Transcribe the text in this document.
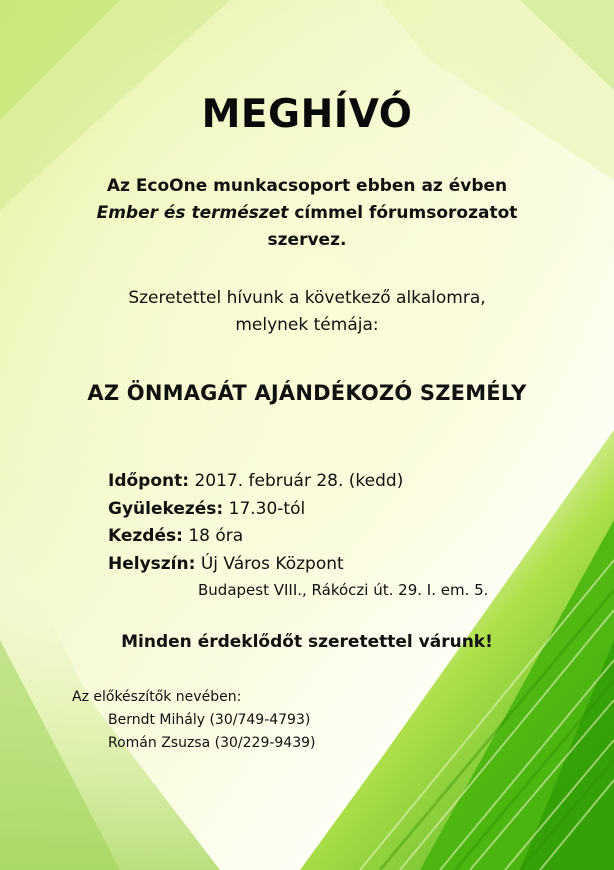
MEGHÍVÓ
Az EcoOne munkacsoport ebben az évben
Ember és természet címmel fórumsorozatot
szervez.
Szeretettel hívunk a következő alkalomra,
melynek témája:
AZ ÖNMAGÁT AJÁNDÉKOZÓ SZEMÉLY
Időpont: 2017. február 28. (kedd)
Gyülekezés: 17.30-tól
Kezdés: 18 óra
Helyszín: Új Város Központ
Budapest VIII., Rákóczi út. 29. I. em. 5.
Minden érdeklődőt szeretettel várunk!
Az előkészítők nevében:
Berndt Mihály (30/749-4793)
Román Zsuzsa (30/229-9439)
